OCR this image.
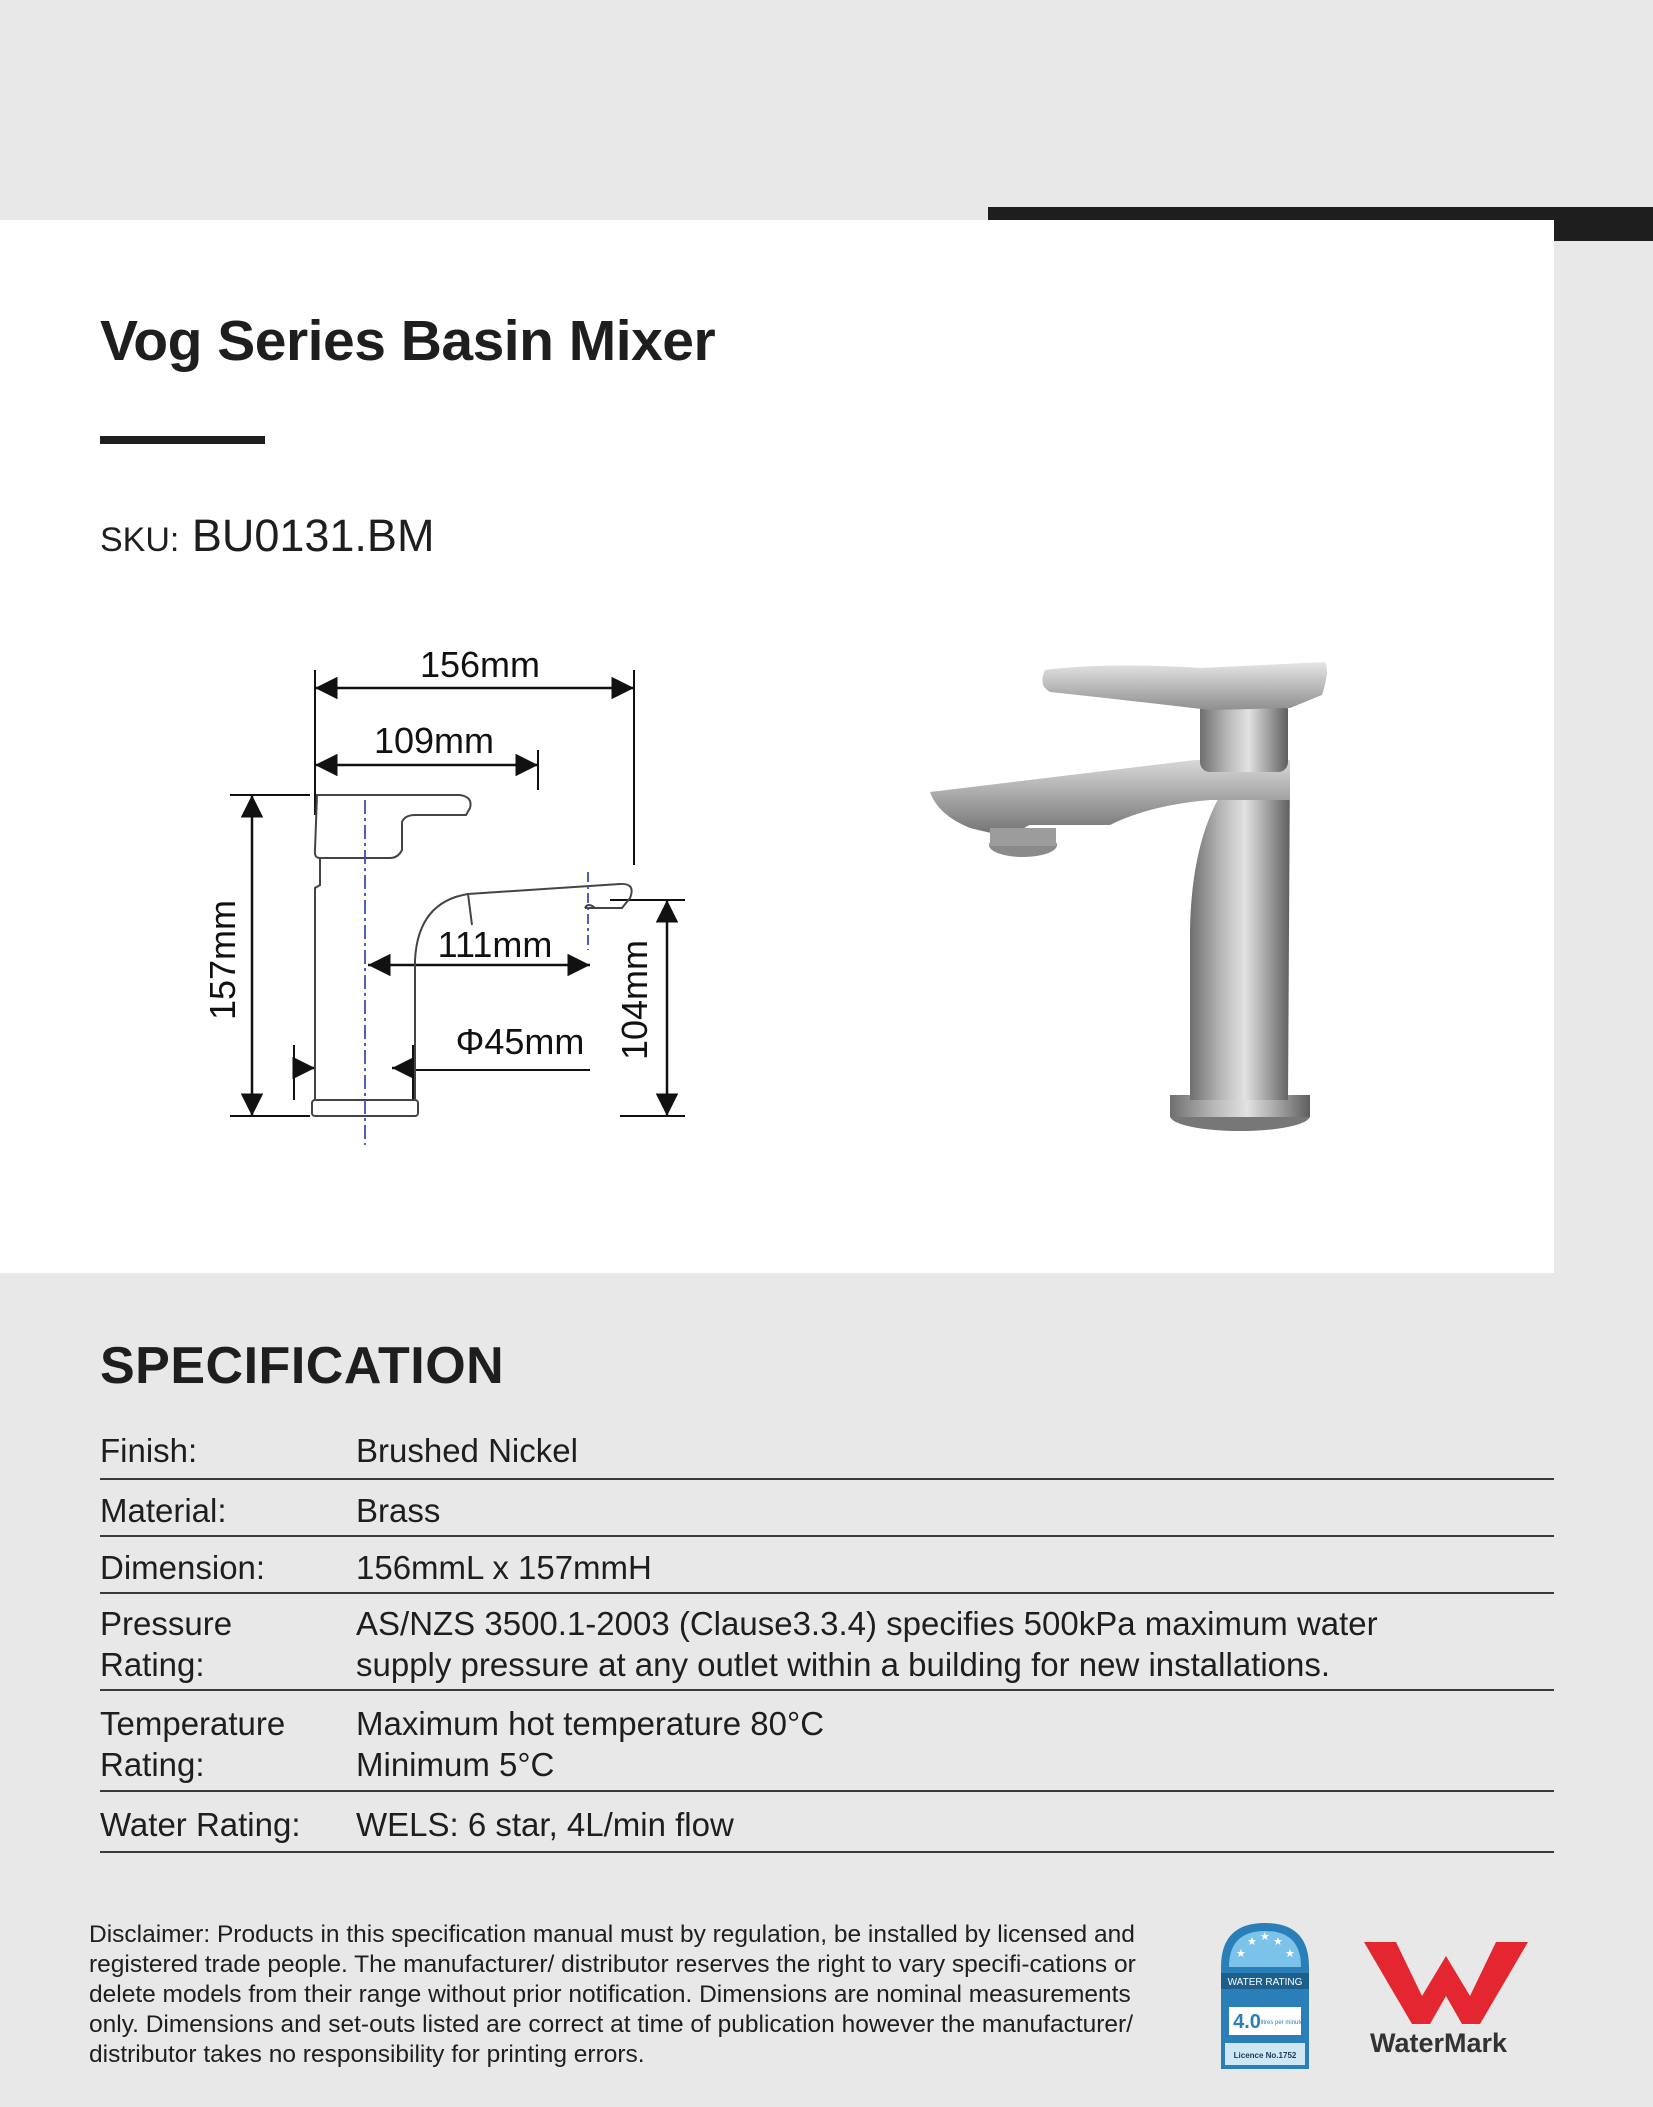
Vog Series Basin Mixer
SKU: BU0131.BM
156mm
109mm
157mm	111mm 104mm
Φ45mm
SPECIFICATION
Finish:	Brushed Nickel
Material:	Brass
Dimension:	156mmL x 157mmH
Pressure Rating:
AS/NZS 3500.1-2003 (Clause3.3.4) specifies 500kPa maximum water supply pressure at any outlet within a building for new installations.
Temperature Rating:
Maximum hot temperature 80°C Minimum 5°C
Water Rating:	WELS: 6 star, 4L/min flow
Disclaimer: Products in this specification manual must by regulation, be installed by licensed and registered trade people. The manufacturer/ distributor reserves the right to vary specifi-cations or delete models from their range without prior notification. Dimensions are nominal measurements only. Dimensions and set-outs listed are correct at time of publication however the manufacturer/ distributor takes no responsibility for printing errors.
★
★ ★ ★
★
WATER RATING
4.0 litres per minute
Licence No.1752	WaterMark
